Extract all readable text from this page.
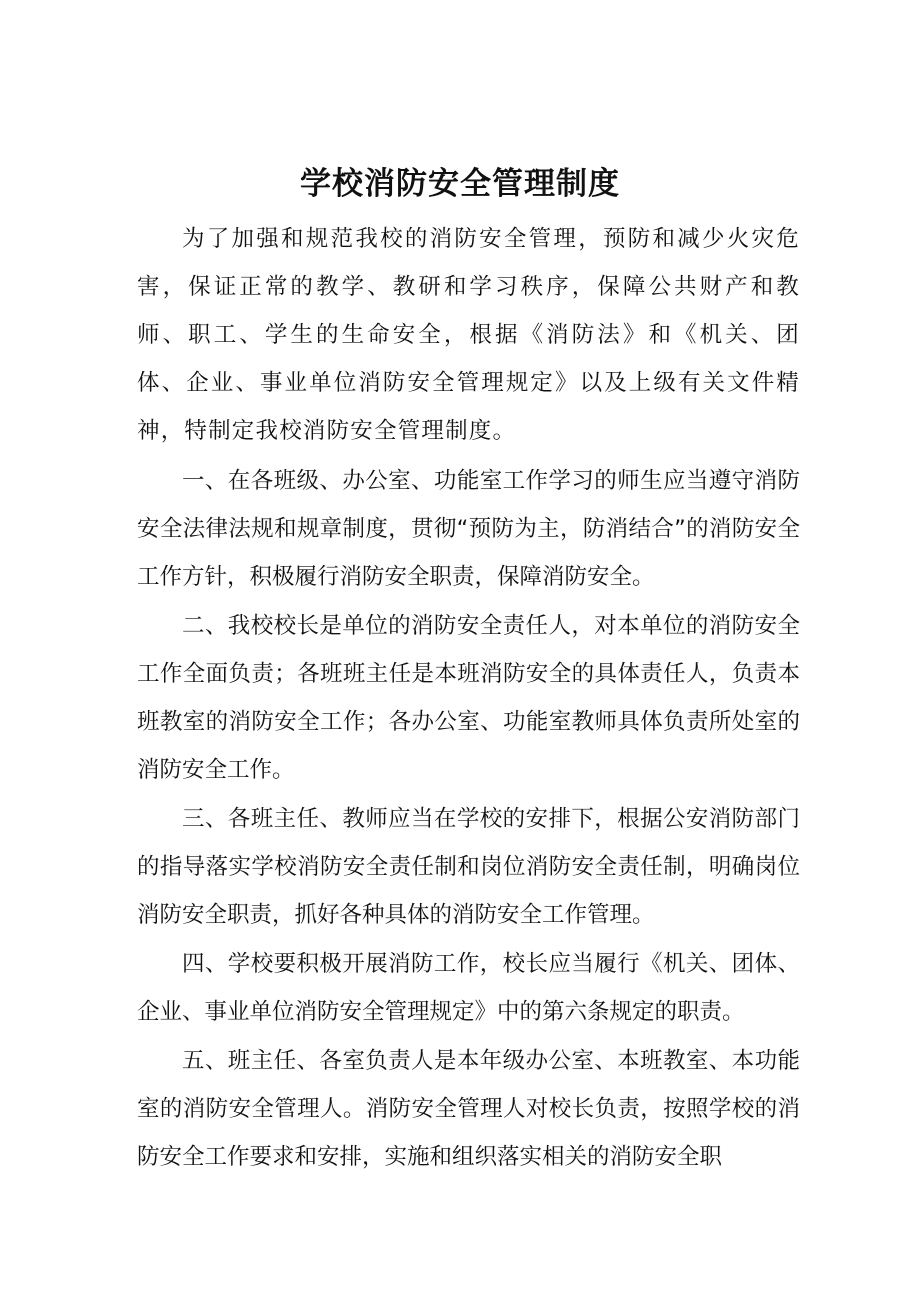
学校消防安全管理制度

为了加强和规范我校的消防安全管理，预防和减少火灾危害，保证正常的教学、教研和学习秩序，保障公共财产和教师、职工、学生的生命安全，根据《消防法》和《机关、团体、企业、事业单位消防安全管理规定》以及上级有关文件精神，特制定我校消防安全管理制度。

一、在各班级、办公室、功能室工作学习的师生应当遵守消防安全法律法规和规章制度，贯彻“预防为主，防消结合”的消防安全工作方针，积极履行消防安全职责，保障消防安全。

二、我校校长是单位的消防安全责任人，对本单位的消防安全工作全面负责；各班班主任是本班消防安全的具体责任人，负责本班教室的消防安全工作；各办公室、功能室教师具体负责所处室的消防安全工作。

三、各班主任、教师应当在学校的安排下，根据公安消防部门的指导落实学校消防安全责任制和岗位消防安全责任制，明确岗位消防安全职责，抓好各种具体的消防安全工作管理。

四、学校要积极开展消防工作，校长应当履行《机关、团体、企业、事业单位消防安全管理规定》中的第六条规定的职责。

五、班主任、各室负责人是本年级办公室、本班教室、本功能室的消防安全管理人。消防安全管理人对校长负责，按照学校的消防安全工作要求和安排，实施和组织落实相关的消防安全职
